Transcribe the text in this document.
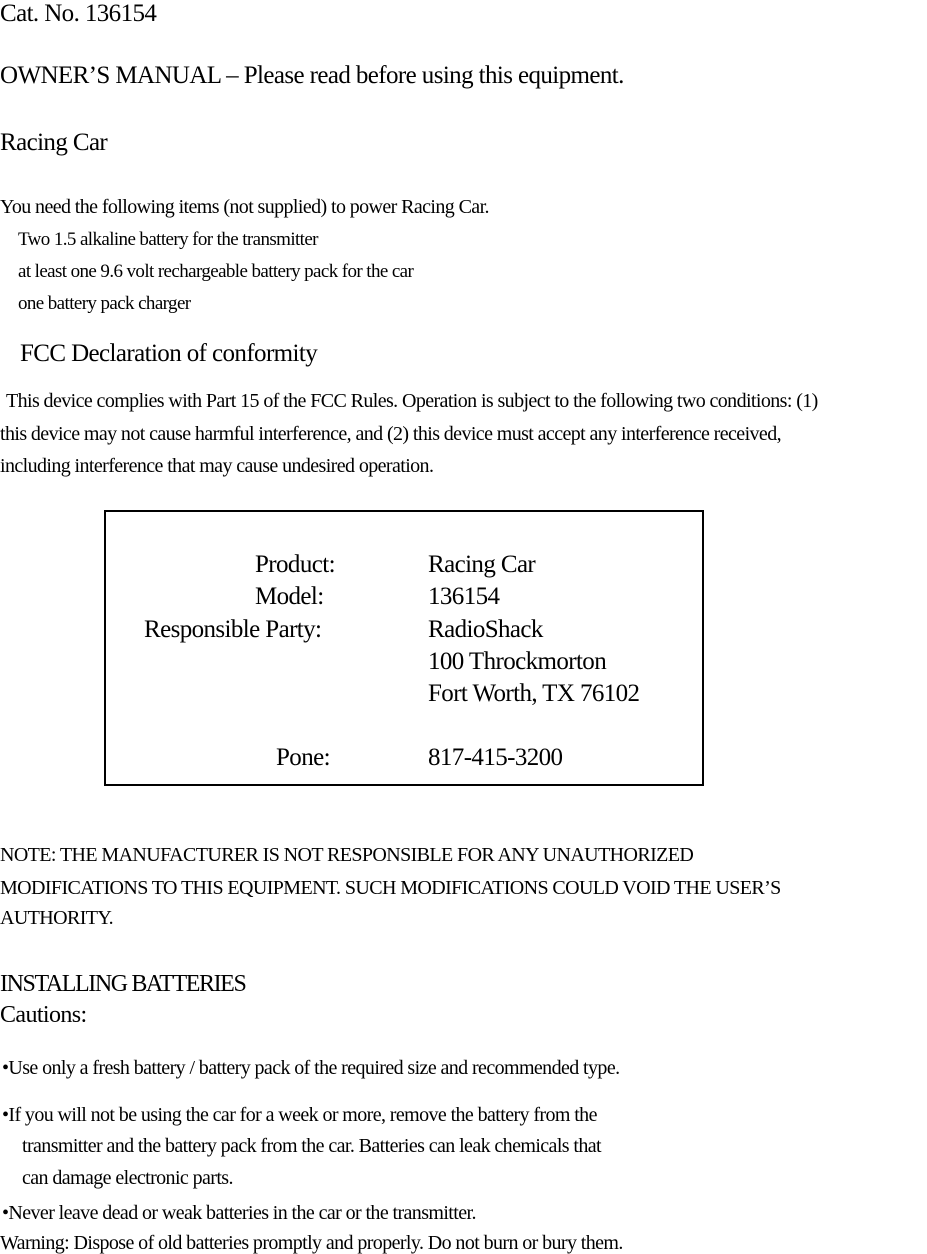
Cat. No. 136154
OWNER’S MANUAL – Please read before using this equipment.
Racing Car
You need the following items (not supplied) to power Racing Car.
Two 1.5 alkaline battery for the transmitter
at least one 9.6 volt rechargeable battery pack for the car
one battery pack charger
FCC Declaration of conformity
This device complies with Part 15 of the FCC Rules. Operation is subject to the following two conditions: (1)
this device may not cause harmful interference, and (2) this device must accept any interference received,
including interference that may cause undesired operation.
Product:	Racing Car
Model:	136154
Responsible Party:	RadioShack
100 Throckmorton
Fort Worth, TX 76102
Pone:	817-415-3200
NOTE: THE MANUFACTURER IS NOT RESPONSIBLE FOR ANY UNAUTHORIZED
MODIFICATIONS TO THIS EQUIPMENT. SUCH MODIFICATIONS COULD VOID THE USER’S
AUTHORITY.
INSTALLING BATTERIES
Cautions:
•Use only a fresh battery / battery pack of the required size and recommended type.
•If you will not be using the car for a week or more, remove the battery from the
transmitter and the battery pack from the car. Batteries can leak chemicals that
can damage electronic parts.
•Never leave dead or weak batteries in the car or the transmitter.
Warning: Dispose of old batteries promptly and properly. Do not burn or bury them.
